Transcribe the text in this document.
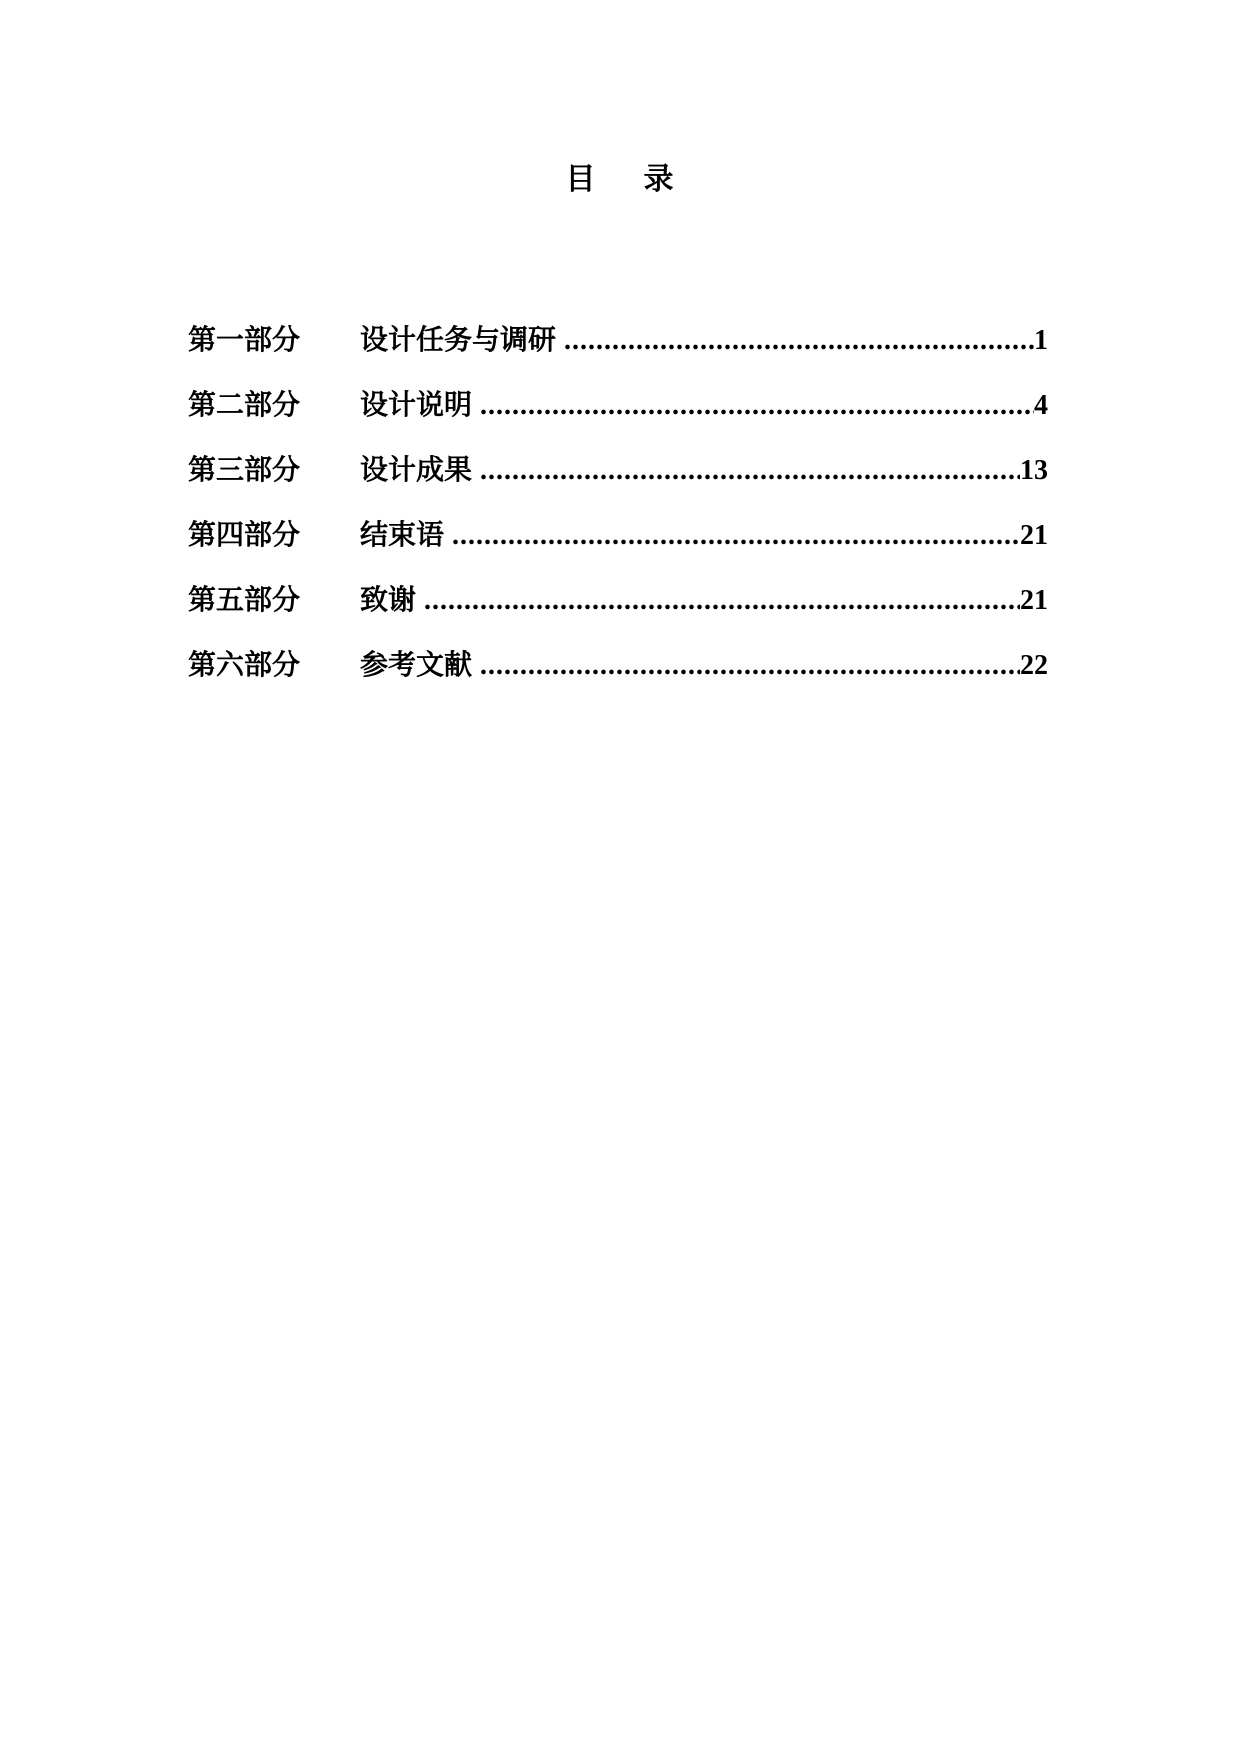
目 录
第一部分	设计任务与调研 .....	1
第二部分	设计说明 .....	4
第三部分	设计成果 .....	13
第四部分	结束语 .....	21
第五部分	致谢 .....	21
第六部分	参考文献 .....	22
